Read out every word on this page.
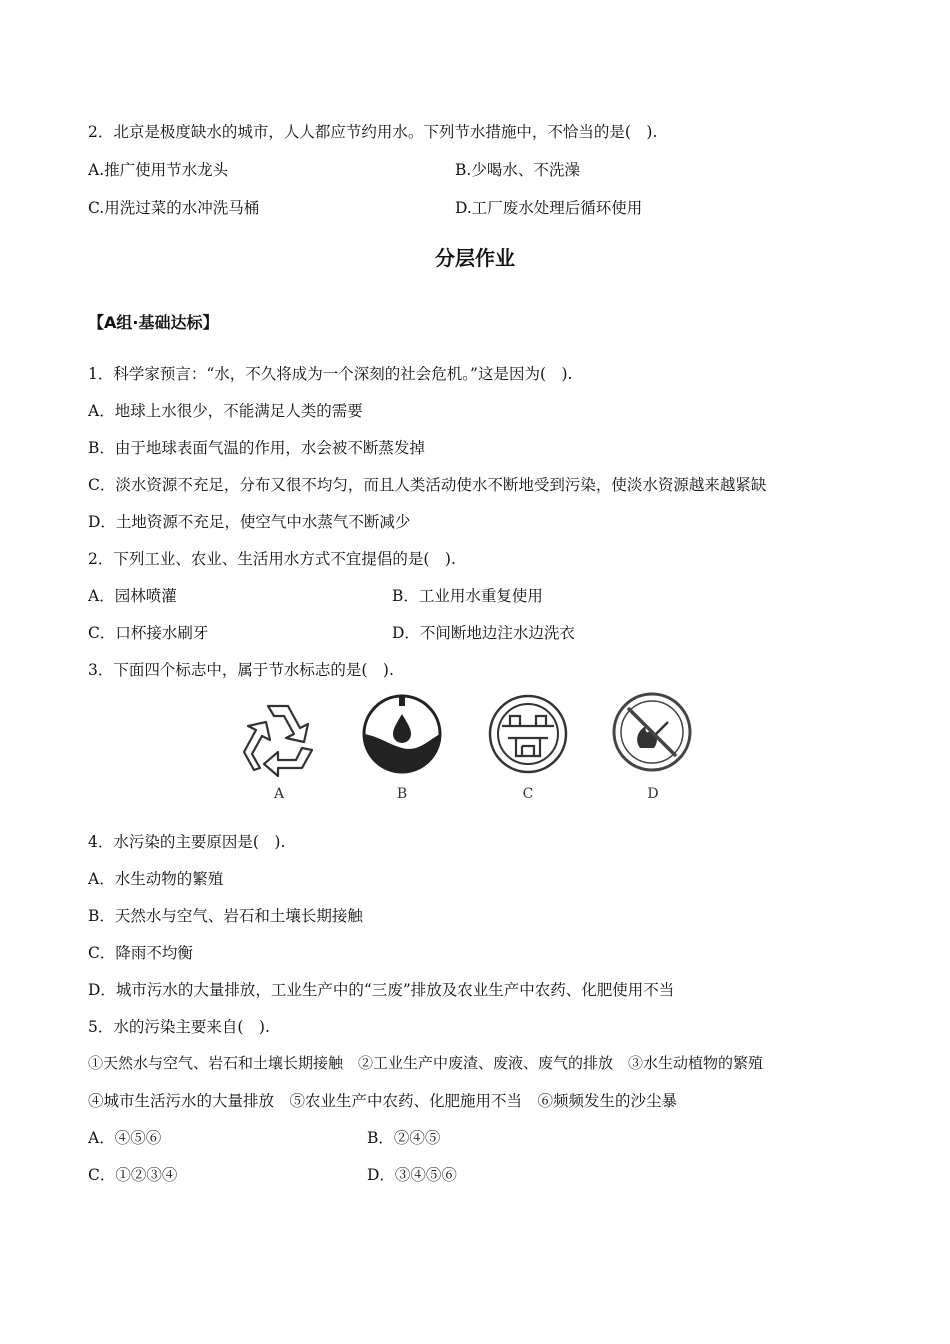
2．北京是极度缺水的城市，人人都应节约用水。下列节水措施中，不恰当的是(　).
A.推广使用节水龙头	B.少喝水、不洗澡
C.用洗过菜的水冲洗马桶	D.工厂废水处理后循环使用
分层作业
【A组·基础达标】
1．科学家预言：“水，不久将成为一个深刻的社会危机。”这是因为(　).
A．地球上水很少，不能满足人类的需要
B．由于地球表面气温的作用，水会被不断蒸发掉
C．淡水资源不充足，分布又很不均匀，而且人类活动使水不断地受到污染，使淡水资源越来越紧缺
D．土地资源不充足，使空气中水蒸气不断减少
2．下列工业、农业、生活用水方式不宜提倡的是(　).
A．园林喷灌	B．工业用水重复使用
C．口杯接水刷牙	D．不间断地边注水边洗衣
3．下面四个标志中，属于节水标志的是(　).
A	B	C	D
4．水污染的主要原因是(　).
A．水生动物的繁殖
B．天然水与空气、岩石和土壤长期接触
C．降雨不均衡
D．城市污水的大量排放，工业生产中的“三废”排放及农业生产中农药、化肥使用不当
5．水的污染主要来自(　).
①天然水与空气、岩石和土壤长期接触　②工业生产中废渣、废液、废气的排放　③水生动植物的繁殖
④城市生活污水的大量排放　⑤农业生产中农药、化肥施用不当　⑥频频发生的沙尘暴
A．④⑤⑥	B．②④⑤
C．①②③④	D．③④⑤⑥
